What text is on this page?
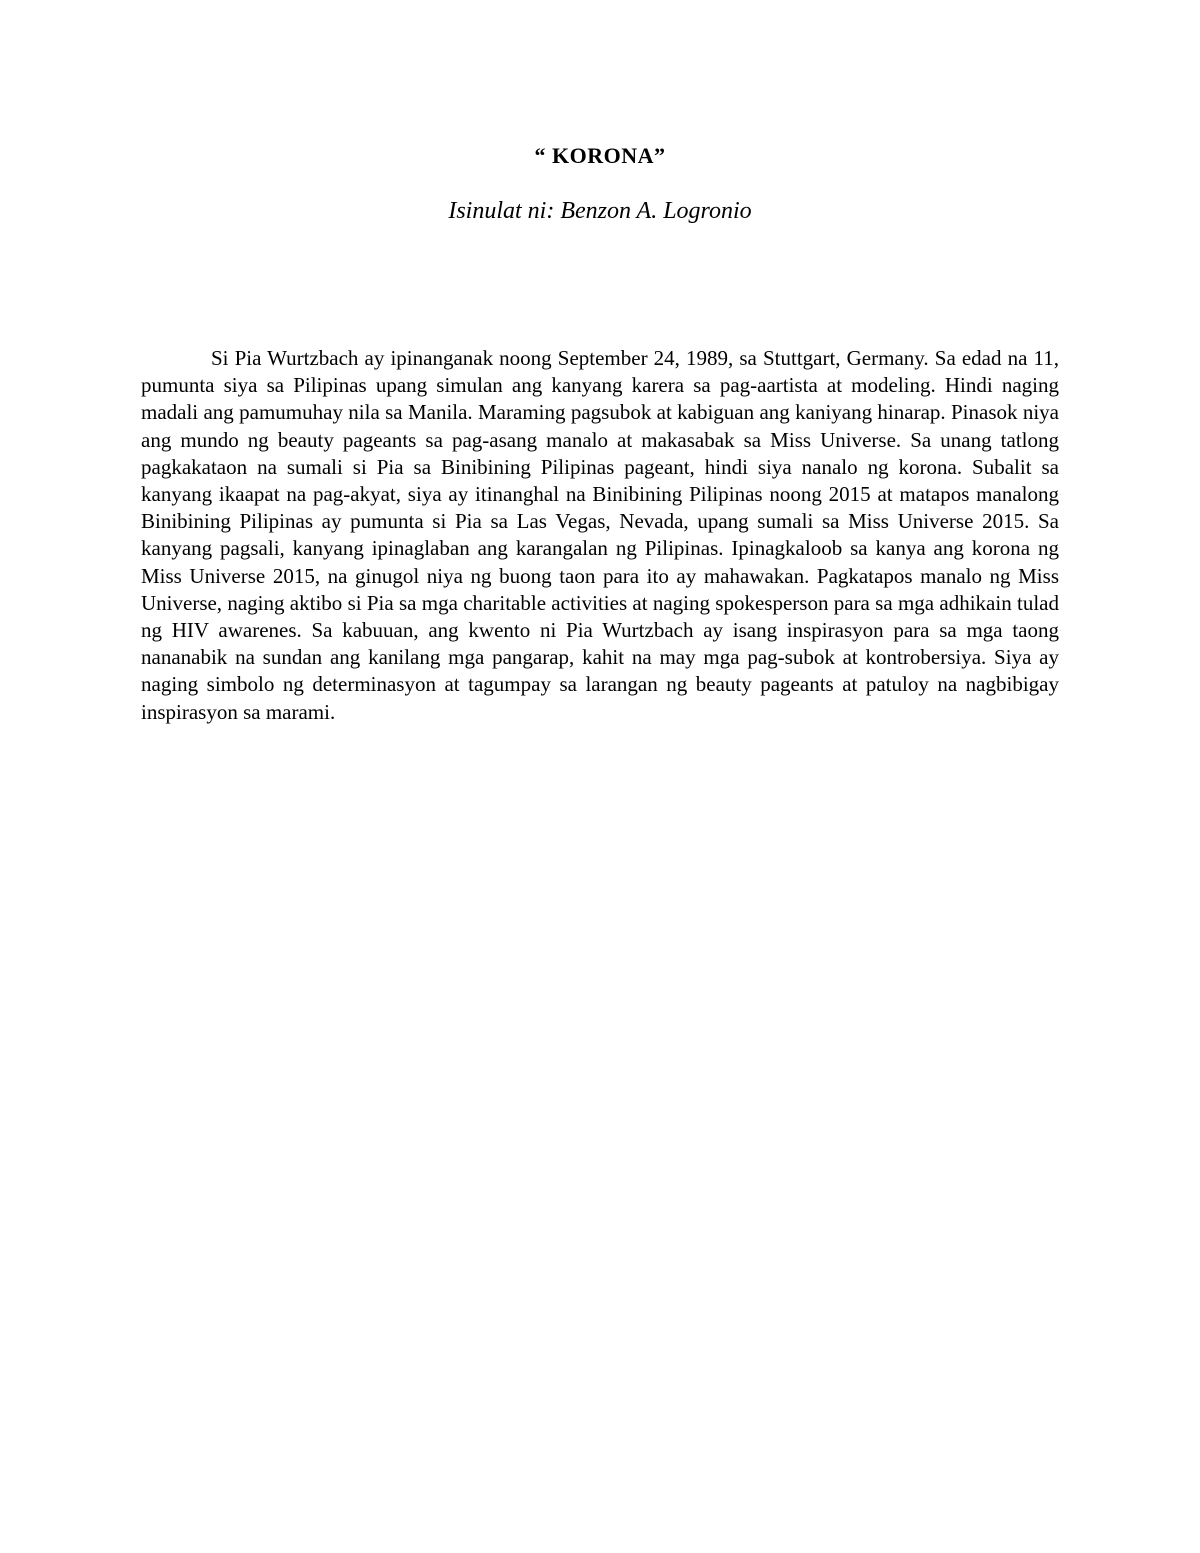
“ KORONA”

Isinulat ni: Benzon A. Logronio

Si Pia Wurtzbach ay ipinanganak noong September 24, 1989, sa Stuttgart, Germany. Sa edad na 11, pumunta siya sa Pilipinas upang simulan ang kanyang karera sa pag-aartista at modeling. Hindi naging madali ang pamumuhay nila sa Manila. Maraming pagsubok at kabiguan ang kaniyang hinarap. Pinasok niya ang mundo ng beauty pageants sa pag-asang manalo at makasabak sa Miss Universe. Sa unang tatlong pagkakataon na sumali si Pia sa Binibining Pilipinas pageant, hindi siya nanalo ng korona. Subalit sa kanyang ikaapat na pag-akyat, siya ay itinanghal na Binibining Pilipinas noong 2015 at matapos manalong Binibining Pilipinas ay pumunta si Pia sa Las Vegas, Nevada, upang sumali sa Miss Universe 2015. Sa kanyang pagsali, kanyang ipinaglaban ang karangalan ng Pilipinas. Ipinagkaloob sa kanya ang korona ng Miss Universe 2015, na ginugol niya ng buong taon para ito ay mahawakan. Pagkatapos manalo ng Miss Universe, naging aktibo si Pia sa mga charitable activities at naging spokesperson para sa mga adhikain tulad ng HIV awarenes. Sa kabuuan, ang kwento ni Pia Wurtzbach ay isang inspirasyon para sa mga taong nananabik na sundan ang kanilang mga pangarap, kahit na may mga pag-subok at kontrobersiya. Siya ay naging simbolo ng determinasyon at tagumpay sa larangan ng beauty pageants at patuloy na nagbibigay inspirasyon sa marami.
